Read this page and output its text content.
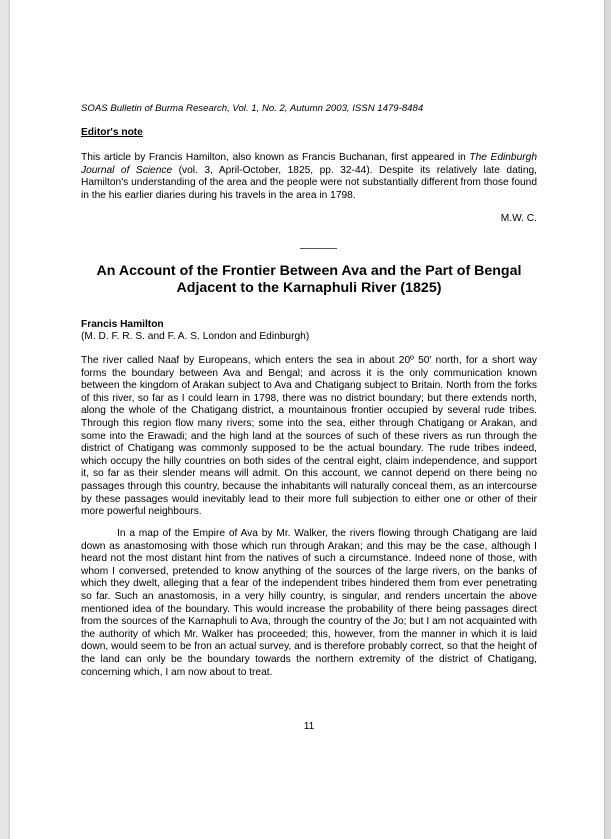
SOAS Bulletin of Burma Research, Vol. 1, No. 2, Autumn 2003, ISSN 1479-8484
Editor's note

This article by Francis Hamilton, also known as Francis Buchanan, first appeared in The Edinburgh Journal of Science (vol. 3, April-October, 1825, pp. 32-44). Despite its relatively late dating, Hamilton's understanding of the area and the people were not substantially different from those found in the his earlier diaries during his travels in the area in 1798.

M.W. C.
An Account of the Frontier Between Ava and the Part of Bengal
Adjacent to the Karnaphuli River (1825)
Francis Hamilton
(M. D. F. R. S. and F. A. S. London and Edinburgh)

The river called Naaf by Europeans, which enters the sea in about 20º 50' north, for a short way forms the boundary between Ava and Bengal; and across it is the only communication known between the kingdom of Arakan subject to Ava and Chatigang subject to Britain. North from the forks of this river, so far as I could learn in 1798, there was no district boundary; but there extends north, along the whole of the Chatigang district, a mountainous frontier occupied by several rude tribes. Through this region flow many rivers; some into the sea, either through Chatigang or Arakan, and some into the Erawadi; and the high land at the sources of such of these rivers as run through the district of Chatigang was commonly supposed to be the actual boundary. The rude tribes indeed, which occupy the hilly countries on both sides of the central eight, claim independence, and support it, so far as their slender means will admit. On this account, we cannot depend on there being no passages through this country, because the inhabitants will naturally conceal them, as an intercourse by these passages would inevitably lead to their more full subjection to either one or other of their more powerful neighbours.

In a map of the Empire of Ava by Mr. Walker, the rivers flowing through Chatigang are laid down as anastomosing with those which run through Arakan; and this may be the case, although I heard not the most distant hint from the natives of such a circumstance. Indeed none of those, with whom I conversed, pretended to know anything of the sources of the large rivers, on the banks of which they dwelt, alleging that a fear of the independent tribes hindered them from ever penetrating so far. Such an anastomosis, in a very hilly country, is singular, and renders uncertain the above mentioned idea of the boundary. This would increase the probability of there being passages direct from the sources of the Karnaphuli to Ava, through the country of the Jo; but I am not acquainted with the authority of which Mr. Walker has proceeded; this, however, from the manner in which it is laid down, would seem to be fron an actual survey, and is therefore probably correct, so that the height of the land can only be the boundary towards the northern extremity of the district of Chatigang, concerning which, I am now about to treat.

11
